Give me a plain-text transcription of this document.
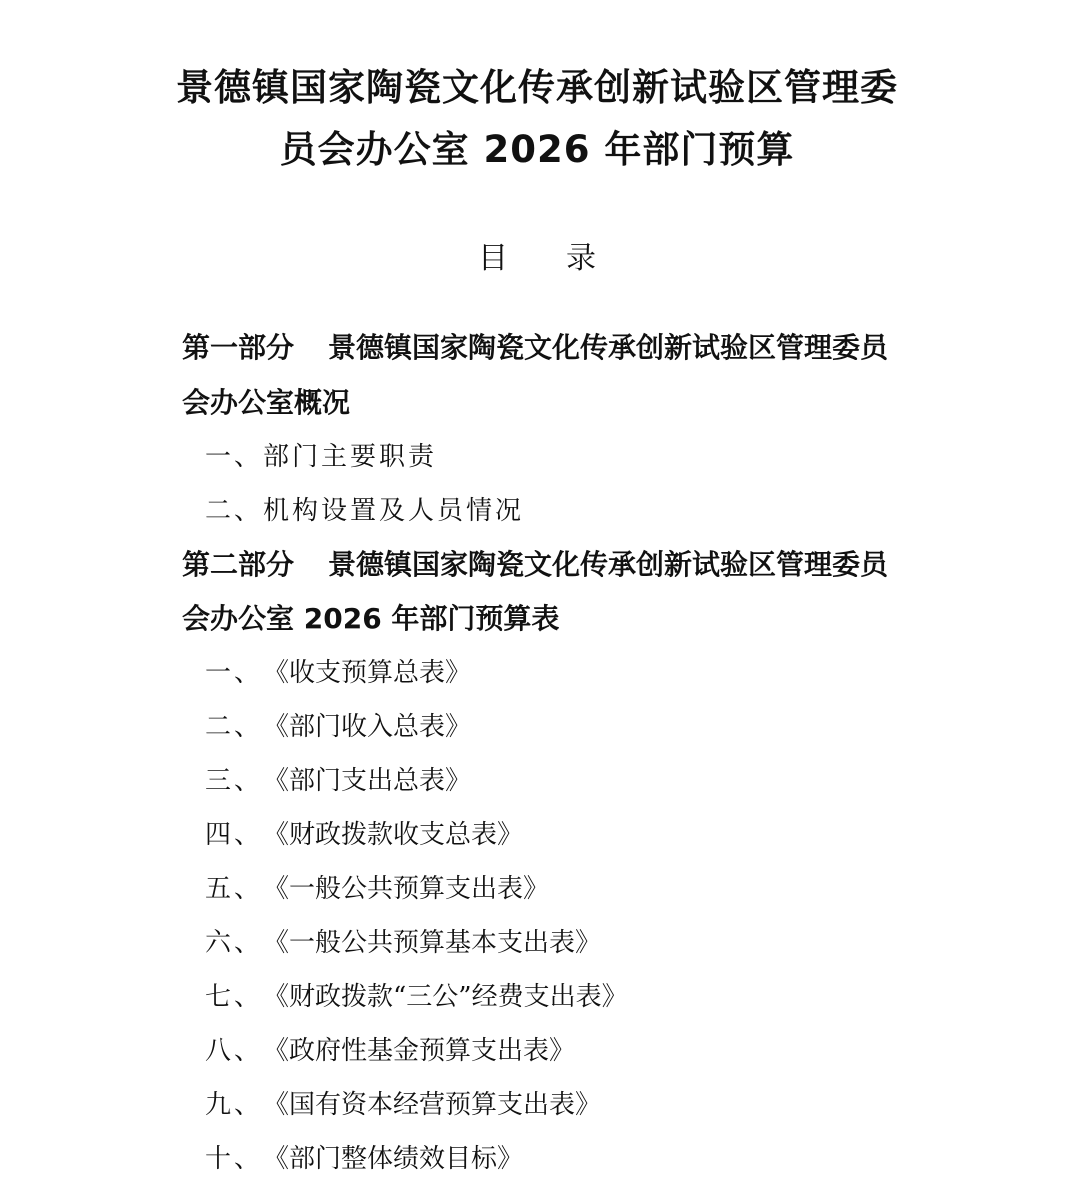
景德镇国家陶瓷文化传承创新试验区管理委
员会办公室 2026 年部门预算
目 录
第一部分 景德镇国家陶瓷文化传承创新试验区管理委员
会办公室概况
一、部门主要职责
二、机构设置及人员情况
第二部分 景德镇国家陶瓷文化传承创新试验区管理委员
会办公室 2026 年部门预算表
一、《收支预算总表》
二、《部门收入总表》
三、《部门支出总表》
四、《财政拨款收支总表》
五、《一般公共预算支出表》
六、《一般公共预算基本支出表》
七、《财政拨款“三公”经费支出表》
八、《政府性基金预算支出表》
九、《国有资本经营预算支出表》
十、《部门整体绩效目标》
